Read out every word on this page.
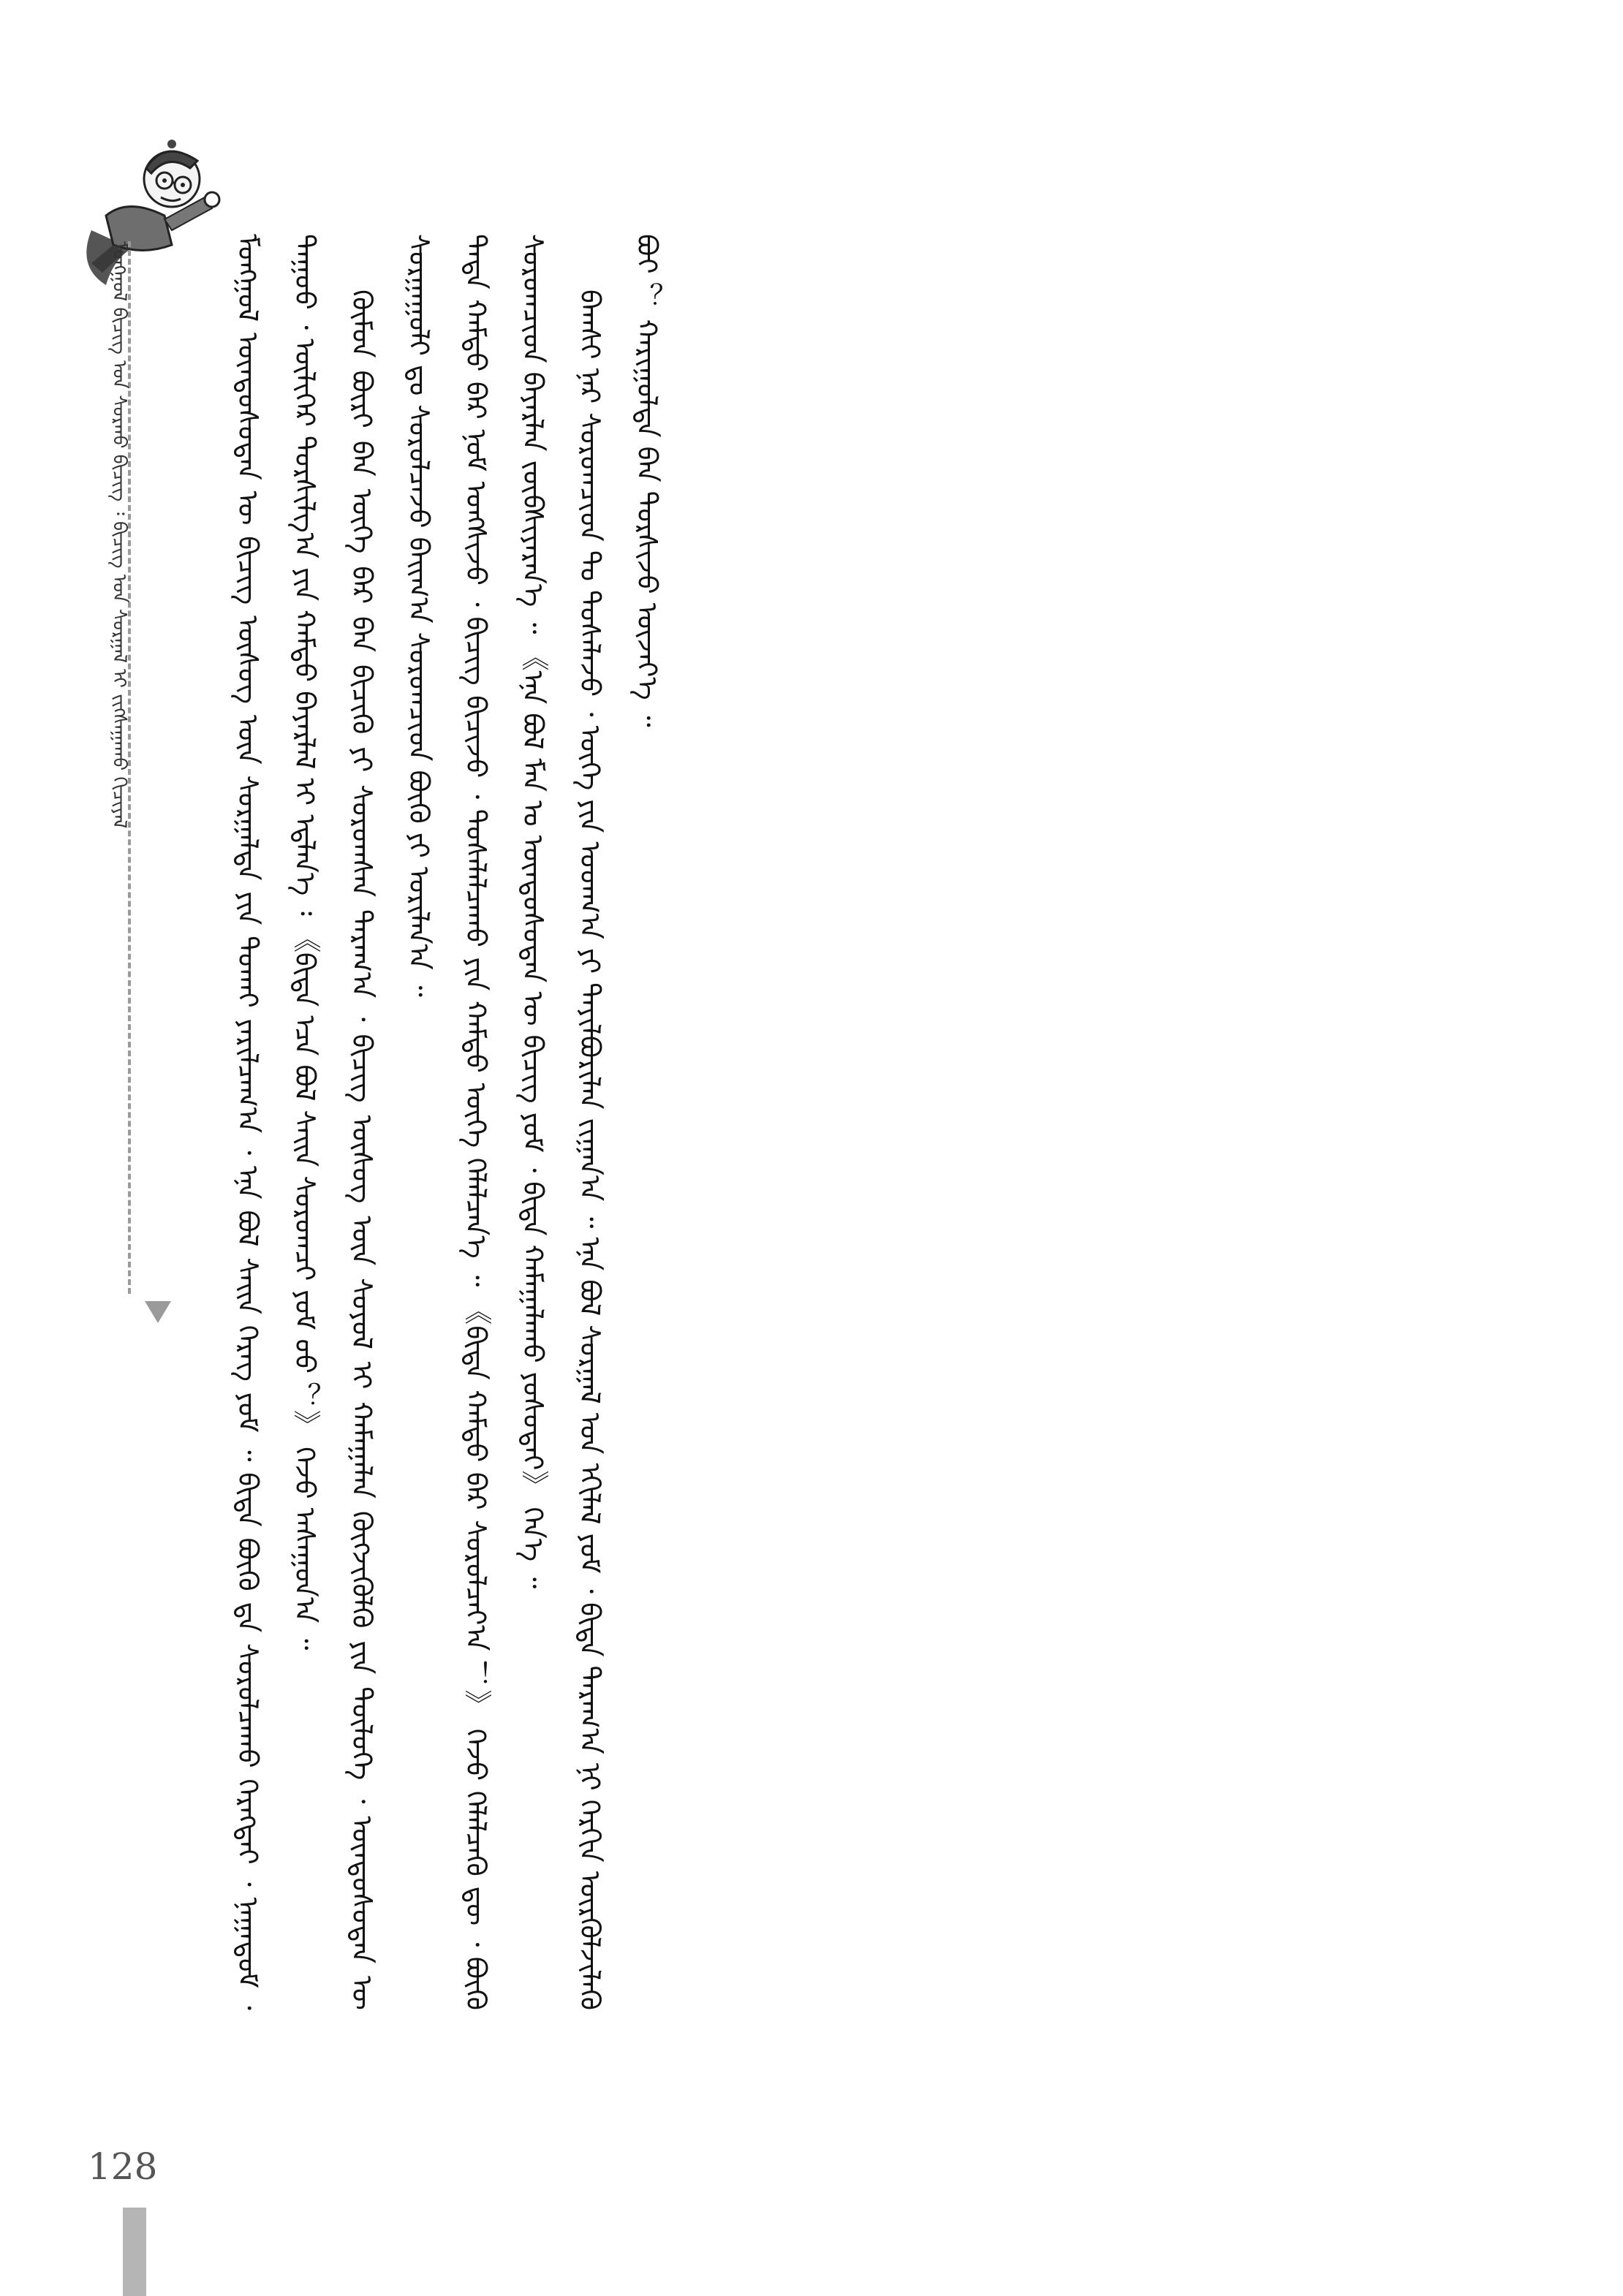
ᠮᠣᠩᠭᠣᠯ ᠪᠢᠴᠢᠭ᠌ ᠤᠨ ᠰᠤᠷᠬᠤ ᠪᠢᠴᠢᠭ᠌ ᠄ ᠪᠢᠴᠢᠭ᠌ ᠤᠨ ᠰᠤᠷᠭᠠᠯ ᠢ ᠵᠢᠭ᠌ᠰᠠᠭᠠᠬᠤ ᠬᠢᠴᠢᠶᠡᠯ	ᠮᠣᠩᠭᠣᠯ ᠦᠨᠳᠦᠰᠦᠲᠡᠨ ᠦ ᠪᠢᠴᠢᠭ᠌ ᠦᠰᠦᠭ ᠦᠨ ᠰᠤᠷᠭᠠᠯᠳᠠ ᠶᠢᠨ ᠲᠤᠬᠠᠢ ᠶᠠᠷᠢᠯᠴᠠᠭ᠎ᠠ ᠂ ᠡᠨᠡ ᠪᠣᠯ ᠰᠠᠢᠨ ᠬᠡᠷᠡᠭ ᠶᠤᠮ ᠃ ᠪᠢᠳᠡ ᠪᠦᠬᠦ ᠳᠠ ᠰᠤᠷᠤᠯᠴᠠᠬᠤ ᠬᠡᠷᠡᠭᠲᠡᠢ ᠂ ᠨᠠᠭᠠᠳᠤᠮ ᠂ ᠳᠠᠭᠤᠤ ᠂ ᠦᠯᠢᠭᠡᠷ ᠲᠤᠷᠰᠢᠯᠭ᠎ᠠ ᠶᠢᠨ ᠬᠠᠮᠲᠤ ᠪᠠᠶᠠᠷᠯᠠᠯ ᠢ ᠡᠳ᠋ᠯᠡᠨ᠎ᠡ ᠄ 《ᠪᠢᠳᠡ ᠡᠴᠡ ᠪᠣᠯ ᠰᠠᠢᠨ ᠰᠤᠷᠤᠭᠴᠢ ᠶᠤᠮ ᠤᠤ ？》 ᠭᠡᠵᠦ ᠠᠰᠠᠭᠤᠨ᠎ᠠ ᠃ ᠬᠦᠮᠦᠨ ᠪᠦᠷᠢ ᠪᠡᠨ ᠦᠭᠡ ᠪᠡᠷ ᠪᠡᠨ ᠪᠢᠴᠢᠬᠦ ᠶᠢ ᠰᠤᠷᠤᠭᠰᠠᠨ ᠳᠠᠷᠠᠭ᠎ᠠ ᠂ ᠪᠢᠴᠢᠭ᠌ ᠦᠰᠦᠭ ᠦᠨ ᠰᠣᠶᠤᠯ ᠢ ᠬᠠᠮᠠᠭᠠᠯᠠᠨ ᠬᠥᠭᠵᠢᠭᠦᠯᠬᠦ ᠶᠢᠨ ᠲᠥᠯᠥᠭᠡ ᠂ ᠦᠨᠳᠦᠰᠦᠲᠡᠨ ᠦ ᠰᠤᠷᠭᠠᠭᠤᠯᠢ ᠳᠤ ᠰᠤᠷᠤᠯᠴᠠᠵᠤ ᠪᠠᠢᠭ᠎ᠠ ᠰᠤᠷᠤᠭᠴᠢᠳ ᠪᠦᠬᠦ ᠶᠢ ᠤᠷᠢᠯᠠᠨ᠎ᠠ ᠃ ᠲᠡᠳᠡ ᠬᠠᠮᠲᠤ ᠪᠡᠷ ᠨᠣᠮ ᠤᠩᠰᠢᠵᠤ ᠂ ᠪᠢᠴᠢᠭ᠌ ᠪᠢᠴᠢᠵᠦ ᠂ ᠲᠤᠰᠠᠯᠠᠯᠴᠠᠬᠤ ᠶᠢᠨ ᠬᠠᠮᠲᠤ ᠦᠭᠡ ᠬᠡᠯᠡᠯᠴᠡᠨ᠎ᠡ ᠃ 《ᠪᠢᠳᠡ ᠬᠠᠮᠲᠤ ᠪᠡᠷ ᠰᠤᠷᠤᠯᠴᠠᠶ᠎ᠠ ！》 ᠭᠡᠵᠦ ᠬᠡᠯᠡᠯᠴᠡᠬᠦ ᠳᠦ ᠂ ᠪᠦᠬᠦ ᠰᠤᠷᠤᠭᠴᠢᠳ ᠪᠠᠶᠠᠷᠯᠠᠨ ᠵᠥᠪᠰᠢᠶᠡᠷᠡᠨ᠎ᠡ ᠃ 《ᠡᠨᠡ ᠪᠣᠯ ᠮᠠᠨ ᠤ ᠦᠨᠳᠦᠰᠦᠲᠡᠨ ᠦ ᠪᠢᠴᠢᠭ᠌ ᠶᠤᠮ ᠂ ᠪᠢᠳᠡ ᠬᠠᠮᠠᠭᠠᠯᠠᠬᠤ ᠶᠤᠰᠤᠲᠠᠢ》 ᠭᠡᠨ᠎ᠡ ᠃ ᠪᠠᠭᠰᠢ ᠨᠠᠷ ᠰᠤᠷᠤᠭᠴᠢᠳ ᠲᠤ ᠲᠤᠰᠠᠯᠠᠵᠤ ᠂ ᠦᠭᠡ ᠶᠢᠨ ᠤᠳᠬ᠎ᠠ ᠶᠢ ᠲᠠᠶᠢᠯᠪᠤᠷᠢᠯᠠᠨ ᠵᠢᠭᠠᠨ᠎ᠠ ᠃ ᠡᠨᠡ ᠪᠣᠯ ᠰᠤᠷᠭᠠᠯ ᠤᠨ ᠡᠬᠢᠯᠡᠯ ᠶᠤᠮ ᠂ ᠪᠢᠳᠡ ᠳᠠᠷᠠᠭ᠎ᠠ ᠨᠢ ᠬᠡᠷᠬᠢᠨ ᠦᠷᠭᠦᠯᠵᠢᠯᠡᠬᠦ ᠪᠣᠢ ？ ᠬᠠᠷᠢᠭᠤᠯᠲᠠ ᠪᠠᠨ ᠲᠤᠷᠰᠢᠵᠤ ᠦᠵᠡᠶ᠎ᠡ ᠃

128
